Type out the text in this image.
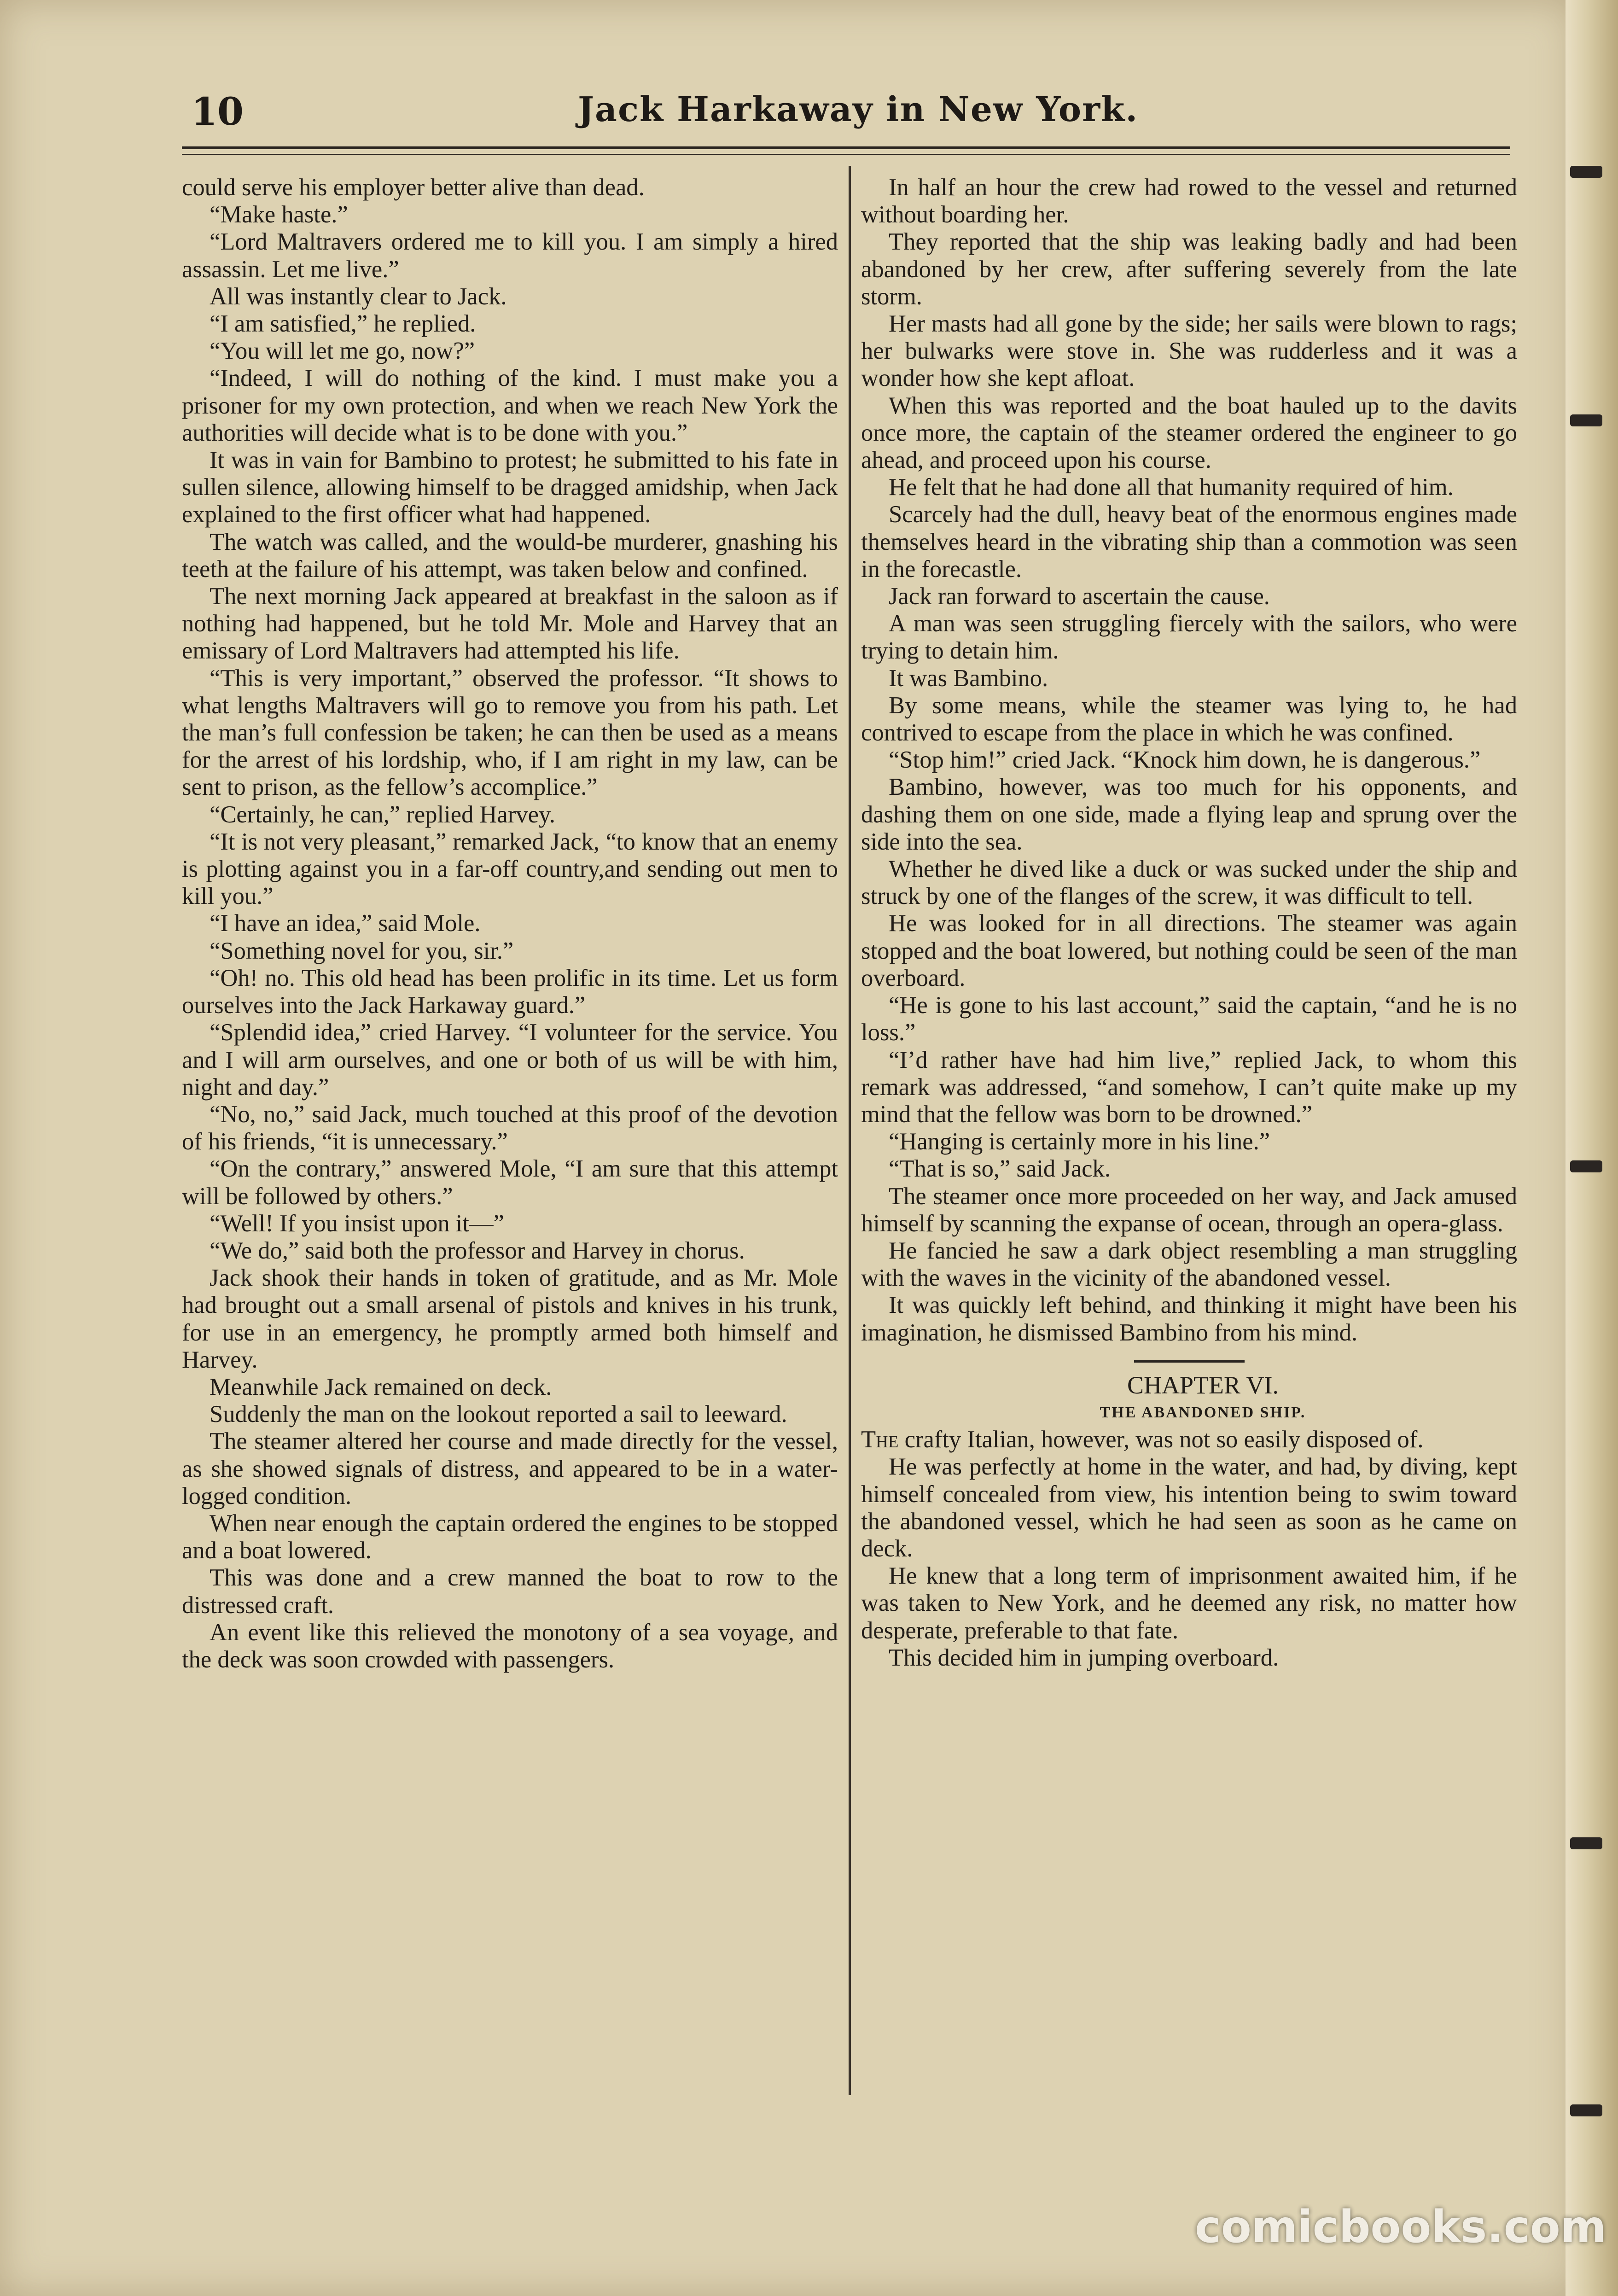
10	Jack Harkaway in New York.

could serve his employer better alive than dead.

“Make haste.”

“Lord Maltravers ordered me to kill you. I am simply a hired assassin. Let me live.”

All was instantly clear to Jack.

“I am satisfied,” he replied.

“You will let me go, now?”

“Indeed, I will do nothing of the kind. I must make you a prisoner for my own protection, and when we reach New York the authorities will decide what is to be done with you.”

It was in vain for Bambino to protest; he submitted to his fate in sullen silence, allowing himself to be dragged amidship, when Jack explained to the first officer what had happened.

The watch was called, and the would-be murderer, gnashing his teeth at the failure of his attempt, was taken below and confined.

The next morning Jack appeared at breakfast in the saloon as if nothing had happened, but he told Mr. Mole and Harvey that an emissary of Lord Maltravers had attempted his life.

“This is very important,” observed the professor. “It shows to what lengths Maltravers will go to remove you from his path. Let the man’s full confession be taken; he can then be used as a means for the arrest of his lordship, who, if I am right in my law, can be sent to prison, as the fellow’s accomplice.”

“Certainly, he can,” replied Harvey.

“It is not very pleasant,” remarked Jack, “to know that an enemy is plotting against you in a far-off country,and sending out men to kill you.”

“I have an idea,” said Mole.

“Something novel for you, sir.”

“Oh! no. This old head has been prolific in its time. Let us form ourselves into the Jack Harkaway guard.”

“Splendid idea,” cried Harvey. “I volunteer for the service. You and I will arm ourselves, and one or both of us will be with him, night and day.”

“No, no,” said Jack, much touched at this proof of the devotion of his friends, “it is unnecessary.”

“On the contrary,” answered Mole, “I am sure that this attempt will be followed by others.”

“Well! If you insist upon it—”

“We do,” said both the professor and Harvey in chorus.

Jack shook their hands in token of gratitude, and as Mr. Mole had brought out a small arsenal of pistols and knives in his trunk, for use in an emergency, he promptly armed both himself and Harvey.

Meanwhile Jack remained on deck.

Suddenly the man on the lookout reported a sail to leeward.

The steamer altered her course and made directly for the vessel, as she showed signals of distress, and appeared to be in a water-logged condition.

When near enough the captain ordered the engines to be stopped and a boat lowered.

This was done and a crew manned the boat to row to the distressed craft.

An event like this relieved the monotony of a sea voyage, and the deck was soon crowded with passengers.

In half an hour the crew had rowed to the vessel and returned without boarding her.

They reported that the ship was leaking badly and had been abandoned by her crew, after suffering severely from the late storm.

Her masts had all gone by the side; her sails were blown to rags; her bulwarks were stove in. She was rudderless and it was a wonder how she kept afloat.

When this was reported and the boat hauled up to the davits once more, the captain of the steamer ordered the engineer to go ahead, and proceed upon his course.

He felt that he had done all that humanity required of him.

Scarcely had the dull, heavy beat of the enormous engines made themselves heard in the vibrating ship than a commotion was seen in the forecastle.

Jack ran forward to ascertain the cause.

A man was seen struggling fiercely with the sailors, who were trying to detain him.

It was Bambino.

By some means, while the steamer was lying to, he had contrived to escape from the place in which he was confined.

“Stop him!” cried Jack. “Knock him down, he is dangerous.”

Bambino, however, was too much for his opponents, and dashing them on one side, made a flying leap and sprung over the side into the sea.

Whether he dived like a duck or was sucked under the ship and struck by one of the flanges of the screw, it was difficult to tell.

He was looked for in all directions. The steamer was again stopped and the boat lowered, but nothing could be seen of the man overboard.

“He is gone to his last account,” said the captain, “and he is no loss.”

“I’d rather have had him live,” replied Jack, to whom this remark was addressed, “and somehow, I can’t quite make up my mind that the fellow was born to be drowned.”

“Hanging is certainly more in his line.”

“That is so,” said Jack.

The steamer once more proceeded on her way, and Jack amused himself by scanning the expanse of ocean, through an opera-glass.

He fancied he saw a dark object resembling a man struggling with the waves in the vicinity of the abandoned vessel.

It was quickly left behind, and thinking it might have been his imagination, he dismissed Bambino from his mind.

CHAPTER VI.

THE ABANDONED SHIP.

The crafty Italian, however, was not so easily disposed of.

He was perfectly at home in the water, and had, by diving, kept himself concealed from view, his intention being to swim toward the abandoned vessel, which he had seen as soon as he came on deck.

He knew that a long term of imprisonment awaited him, if he was taken to New York, and he deemed any risk, no matter how desperate, preferable to that fate.

This decided him in jumping overboard.

comicbooks.com
